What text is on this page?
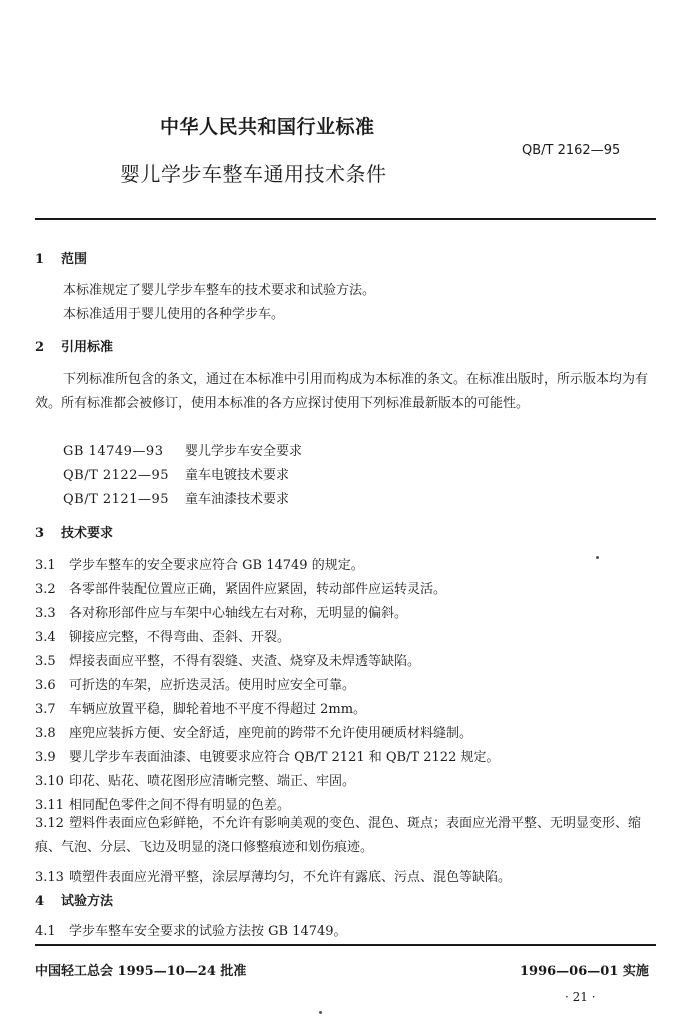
中华人民共和国行业标准
QB/T 2162—95
婴儿学步车整车通用技术条件
1 范围
本标准规定了婴儿学步车整车的技术要求和试验方法。
本标准适用于婴儿使用的各种学步车。
2 引用标准
下列标准所包含的条文，通过在本标准中引用而构成为本标准的条文。在标准出版时，所示版本均为有效。所有标准都会被修订，使用本标准的各方应探讨使用下列标准最新版本的可能性。
GB 14749—93 婴儿学步车安全要求
QB/T 2122—95 童车电镀技术要求
QB/T 2121—95 童车油漆技术要求
3 技术要求
3.1 学步车整车的安全要求应符合 GB 14749 的规定。
3.2 各零部件装配位置应正确，紧固件应紧固，转动部件应运转灵活。
3.3 各对称形部件应与车架中心轴线左右对称，无明显的偏斜。
3.4 铆接应完整，不得弯曲、歪斜、开裂。
3.5 焊接表面应平整，不得有裂缝、夹渣、烧穿及未焊透等缺陷。
3.6 可折迭的车架，应折迭灵活。使用时应安全可靠。
3.7 车辆应放置平稳，脚轮着地不平度不得超过 2mm。
3.8 座兜应装拆方便、安全舒适，座兜前的跨带不允许使用硬质材料缝制。
3.9 婴儿学步车表面油漆、电镀要求应符合 QB/T 2121 和 QB/T 2122 规定。
3.10 印花、贴花、喷花图形应清晰完整、端正、牢固。
3.11 相同配色零件之间不得有明显的色差。
3.12 塑料件表面应色彩鲜艳，不允许有影响美观的变色、混色、斑点；表面应光滑平整、无明显变形、缩痕、气泡、分层、飞边及明显的浇口修整痕迹和划伤痕迹。
3.13 喷塑件表面应光滑平整，涂层厚薄均匀，不允许有露底、污点、混色等缺陷。
4 试验方法
4.1 学步车整车安全要求的试验方法按 GB 14749。
中国轻工总会 1995—10—24 批准	1996—06—01 实施
· 21 ·
